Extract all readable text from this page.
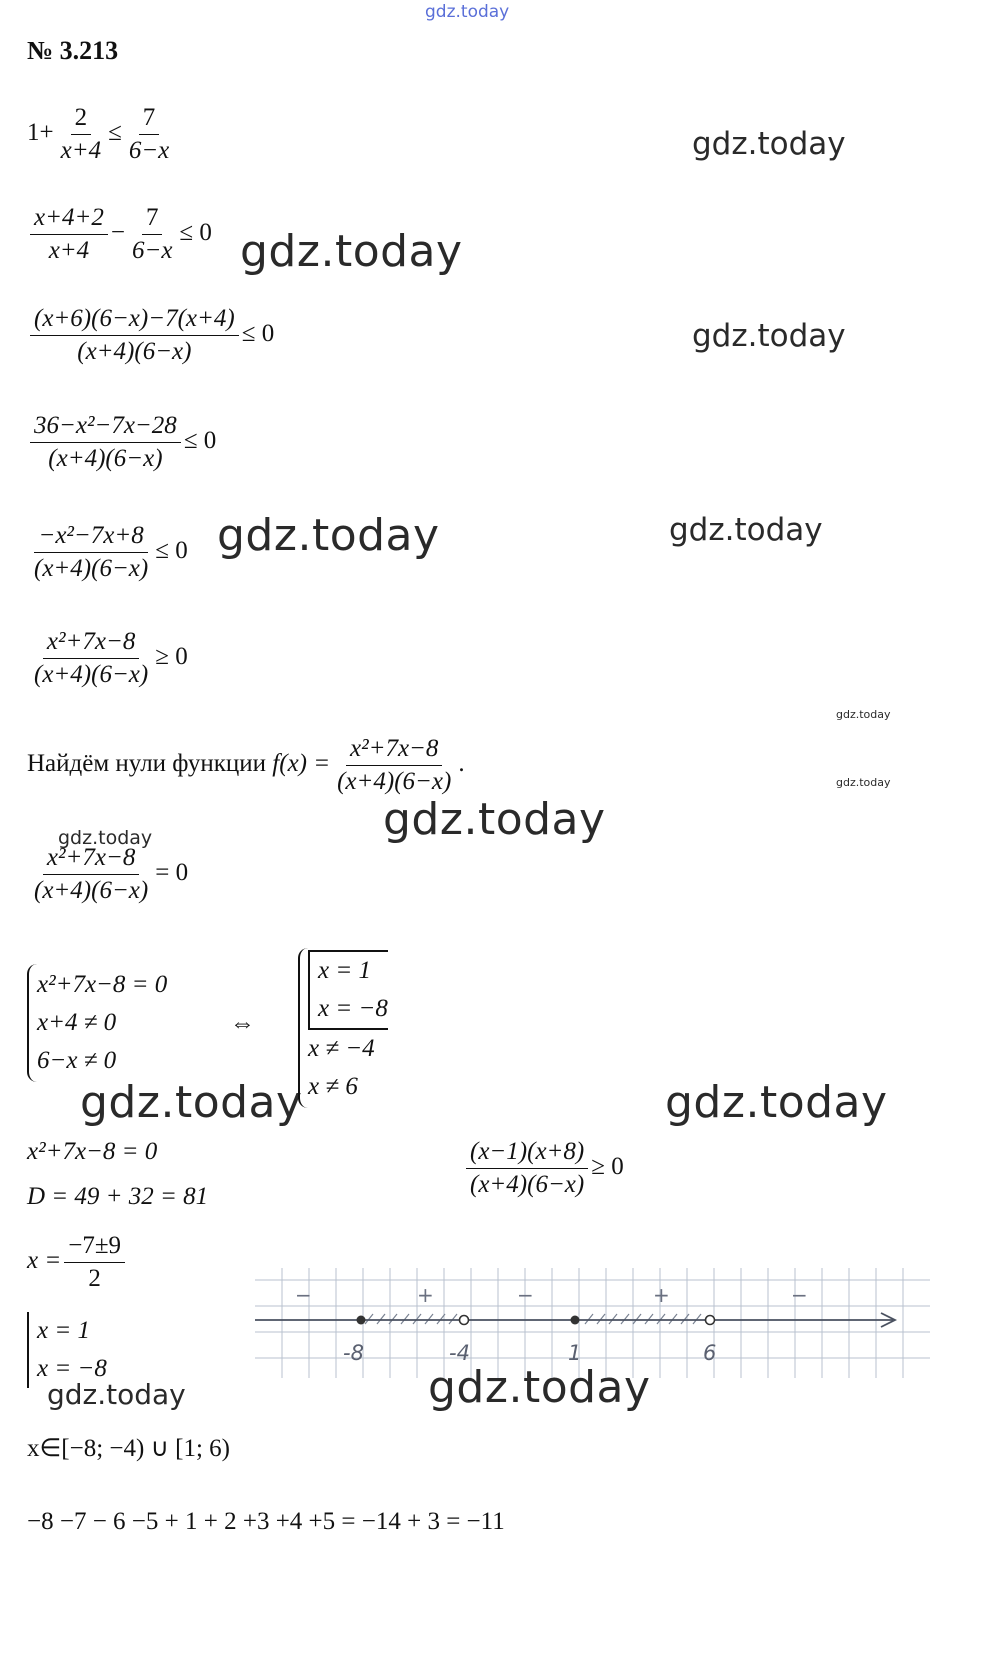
gdz.today
gdz.today
gdz.today
gdz.today
gdz.today	gdz.today
gdz.today
gdz.today
gdz.today
gdz.today
gdz.today	gdz.today
gdz.today
gdz.today
№ 3.213
$1+ \frac{2}{x+4} \le \frac{7}{6-x}$
$\frac{x+4+2}{x+4} - \frac{7}{6-x} \le 0$
$\frac{(x+6)(6-x)-7(x+4)}{(x+4)(6-x)} \le 0$
$\frac{\text{36−x²−7x−28}}{(x+4)(6-x)} \le 0$
$\frac{\text{−x²−7x+8}}{(x+4)(6-x)} \le 0$
$\frac{\text{x²+7x−8}}{(x+4)(6-x)} \ge 0$
Найдём нули функции $f(x) = \frac{\text{x²+7x−8}}{(x+4)(6-x)}$ .
$\frac{\text{x²+7x−8}}{(x+4)(6-x)} = 0$
x²+7x−8 = 0
x+4 ≠ 0
6−x ≠ 0
⇔
x = 1
x = −8
x ≠ −4
x ≠ 6
x²+7x−8 = 0
D = 49 + 32 = 81
$x = \frac{-7\pm 9}{2}$
x = 1
x = −8
$\frac{(x-1)(x+8)}{(x+4)(6-x)} \ge 0$
-8	-4	1	6
−	+	−	+	−
x∈[−8; −4) ∪ [1; 6)
−8 −7 − 6 −5 + 1 + 2 +3 +4 +5 = −14 + 3 = −11
